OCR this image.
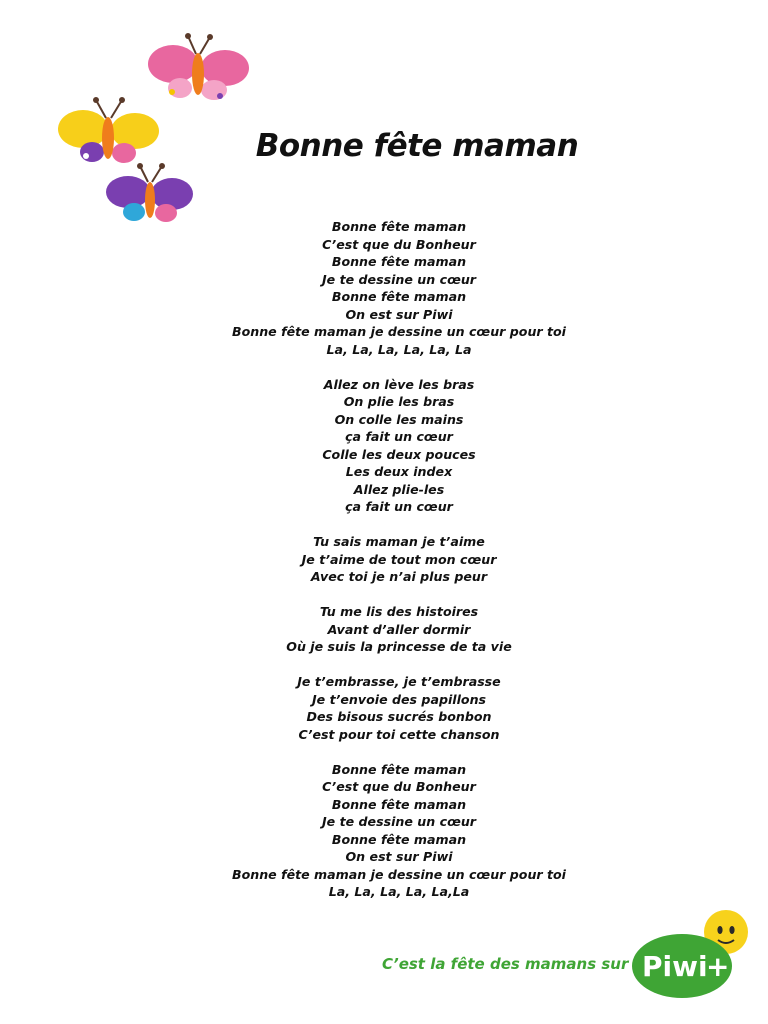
Bonne fête maman
Bonne fête maman
C’est que du Bonheur
Bonne fête maman
Je te dessine un cœur
Bonne fête maman
On est sur Piwi
Bonne fête maman je dessine un cœur pour toi
La, La, La, La, La, La
Allez on lève les bras
On plie les bras
On colle les mains
ça fait un cœur
Colle les deux pouces
Les deux index
Allez plie-les
ça fait un cœur
Tu sais maman je t’aime
Je t’aime de tout mon cœur
Avec toi je n’ai plus peur
Tu me lis des histoires
Avant d’aller dormir
Où je suis la princesse de ta vie
Je t’embrasse, je t’embrasse
Je t’envoie des papillons
Des bisous sucrés bonbon
C’est pour toi cette chanson
Bonne fête maman
C’est que du Bonheur
Bonne fête maman
Je te dessine un cœur
Bonne fête maman
On est sur Piwi
Bonne fête maman je dessine un cœur pour toi
La, La, La, La, La,La
C’est la fête des mamans sur Piwi
+
